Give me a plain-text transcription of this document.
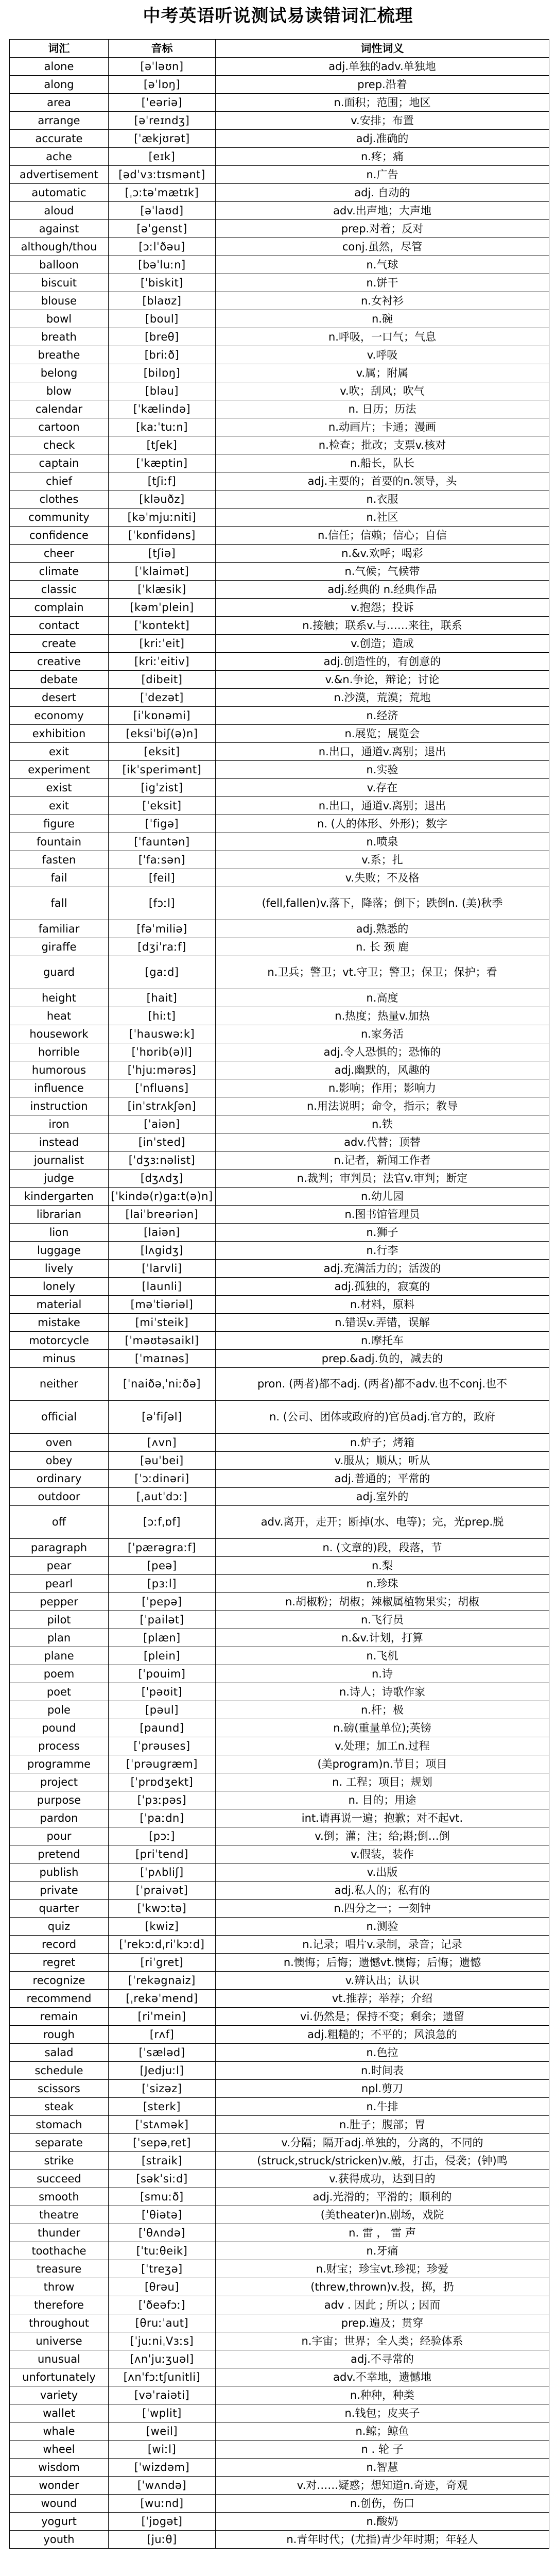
中考英语听说测试易读错词汇梳理
词汇	音标	词性词义
alone	[əˈləʊn]	adj.单独的adv.单独地
along	[əˈlɒŋ]	prep.沿着
area	[ˈeəriə]	n.面积；范围；地区
arrange	[əˈreɪndʒ]	v.安排；布置
accurate	[ˈækjʊrət]	adj.准确的
ache	[eɪk]	n.疼；痛
advertisement	[ədˈvɜːtɪsmənt]	n.广告
automatic	[ˌɔːtəˈmætɪk]	adj. 自动的
aloud	[əˈlaʊd]	adv.出声地；大声地
against	[əˈgenst]	prep.对着；反对
although/thou	[ɔːlˈðəu]	conj.虽然，尽管
balloon	[bəˈluːn]	n.气球
biscuit	[ˈbiskit]	n.饼干
blouse	[blaʊz]	n.女衬衫
bowl	[boul]	n.碗
breath	[breθ]	n.呼吸，一口气；气息
breathe	[briːð]	v.呼吸
belong	[bilɒŋ]	v.属；附属
blow	[bləu]	v.吹；刮风；吹气
calendar	[ˈkælində]	n. 日历；历法
cartoon	[kaːˈtuːn]	n.动画片；卡通；漫画
check	[tʃek]	n.检查；批改；支票v.核对
captain	[ˈkæptin]	n.船长，队长
chief	[tʃiːf]	adj.主要的；首要的n.领导，头
clothes	[kləuðz]	n.衣服
community	[kəˈmjuːniti]	n.社区
confidence	[ˈkɒnfidəns]	n.信任；信赖；信心；自信
cheer	[tʃiə]	n.&v.欢呼；喝彩
climate	[ˈklaimət]	n.气候；气候带
classic	[ˈklæsik]	adj.经典的 n.经典作品
complain	[kəmˈplein]	v.抱怨；投诉
contact	[ˈkɒntekt]	n.接触；联系v.与……来往，联系
create	[kriːˈeit]	v.创造；造成
creative	[kriːˈeitiv]	adj.创造性的，有创意的
debate	[dibeit]	v.&n.争论，辩论；讨论
desert	[ˈdezət]	n.沙漠，荒漠；荒地
economy	[iˈkɒnəmi]	n.经济
exhibition	[eksiˈbiʃ(ə)n]	n.展览；展览会
exit	[eksit]	n.出口，通道v.离别；退出
experiment	[ikˈsperimənt]	n.实验
exist	[igˈzist]	v.存在
exit	[ˈeksit]	n.出口，通道v.离别；退出
figure	[ˈfigə]	n. (人的体形、外形)；数字
fountain	[ˈfauntən]	n.喷泉
fasten	[ˈfaːsən]	v.系；扎
fail	[feil]	v.失败；不及格
fall	[fɔːl]	(fell,fallen)v.落下，降落；倒下；跌倒n. (美)秋季
familiar	[fəˈmiliə]	adj.熟悉的
giraffe	[dʒiˈraːf]	n. 长 颈 鹿
guard	[gaːd]	n.卫兵；警卫；vt.守卫；警卫；保卫；保护；看
height	[hait]	n.高度
heat	[hiːt]	n.热度；热量v.加热
housework	[ˈhauswəːk]	n.家务活
horrible	[ˈhɒrib(ə)l]	adj.令人恐惧的；恐怖的
humorous	[ˈhjuːmərəs]	adj.幽默的，风趣的
influence	[ˈnfluəns]	n.影响；作用；影响力
instruction	[inˈstrʌkʃən]	n.用法说明；命令，指示；教导
iron	[ˈaiən]	n.铁
instead	[inˈsted]	adv.代替；顶替
journalist	[ˈdʒɜːnəlist]	n.记者，新闻工作者
judge	[dʒʌdʒ]	n.裁判；审判员；法官v.审判；断定
kindergarten	[ˈkində(r)gaːt(ə)n]	n.幼儿园
librarian	[laiˈbreəriən]	n.图书馆管理员
lion	[laiən]	n.狮子
luggage	[lʌgidʒ]	n.行李
lively	[ˈlarvli]	adj.充满活力的；活泼的
lonely	[launli]	adj.孤独的，寂寞的
material	[məˈtiəriəl]	n.材料，原料
mistake	[miˈsteik]	n.错误v.弄错，误解
motorcycle	[ˈməʊtəsaikl]	n.摩托车
minus	[ˈmaɪnəs]	prep.&adj.负的，减去的
neither	[ˈnaiðəˌˈniːðə]	pron. (两者)都不adj. (两者)都不adv.也不conj.也不
official	[əˈfiʃəl]	n. (公司、团体或政府的)官员adj.官方的，政府
oven	[ʌvn]	n.炉子；烤箱
obey	[əuˈbei]	v.服从；顺从；听从
ordinary	[ˈɔːdinəri]	adj.普通的；平常的
outdoor	[ˌautˈdɔː]	adj.室外的
off	[ɔːfˌɒf]	adv.离开，走开；断掉(水、电等)；完，光prep.脱
paragraph	[ˈpærəgraːf]	n. (文章的)段，段落，节
pear	[peə]	n.梨
pearl	[pɜːl]	n.珍珠
pepper	[ˈpepə]	n.胡椒粉；胡椒；辣椒属植物果实；胡椒
pilot	[ˈpailət]	n.飞行员
plan	[plæn]	n.&v.计划，打算
plane	[plein]	n.飞机
poem	[ˈpouim]	n.诗
poet	[ˈpəʊit]	n.诗人；诗歌作家
pole	[pəul]	n.杆；极
pound	[paund]	n.磅(重量单位);英镑
process	[ˈprəuses]	v.处理；加工n.过程
programme	[ˈprəugræm]	(美program)n.节目；项目
project	[ˈprɒdʒekt]	n. 工程；项目；规划
purpose	[ˈpɜːpəs]	n. 目的；用途
pardon	[ˈpaːdn]	int.请再说一遍；抱歉；对不起vt.
pour	[pɔː]	v.倒；灌；注；给;斟;倒…倒
pretend	[priˈtend]	v.假装，装作
publish	[ˈpʌbliʃ]	v.出版
private	[ˈpraivət]	adj.私人的；私有的
quarter	[ˈkwɔːtə]	n.四分之一；一刻钟
quiz	[kwiz]	n.测验
record	[ˈrekɔːdˌriˈkɔːd]	n.记录；唱片v.录制，录音；记录
regret	[riˈgret]	n.懊悔；后悔；遗憾vt.懊悔；后悔；遗憾
recognize	[ˈrekəgnaiz]	v.辨认出；认识
recommend	[ˌrekəˈmend]	vt.推荐；举荐；介绍
remain	[riˈmein]	vi.仍然是；保持不变；剩余；遗留
rough	[rʌf]	adj.粗糙的；不平的；风浪急的
salad	[ˈsæləd]	n.色拉
schedule	[Jedjuːl]	n.时间表
scissors	[ˈsizəz]	npl.剪刀
steak	[sterk]	n.牛排
stomach	[ˈstʌmək]	n.肚子；腹部；胃
separate	[ˈsepəˌret]	v.分隔；隔开adj.单独的，分离的，不同的
strike	[straik]	(struck,struck/stricken)v.敲，打击，侵袭；(钟)鸣
succeed	[səkˈsiːd]	v.获得成功，达到目的
smooth	[smuːð]	adj.光滑的；平滑的；顺利的
theatre	[ˈθiətə]	(美theater)n.剧场，戏院
thunder	[ˈθʌndə]	n. 雷 ， 雷 声
toothache	[ˈtuːθeik]	n.牙痛
treasure	[ˈtreʒə]	n.财宝；珍宝vt.珍视；珍爱
throw	[θrəu]	(threw,thrown)v.投，掷，扔
therefore	[ˈðeəfɔː]	adv . 因此 ; 所以 ; 因而
throughout	[θruːˈaut]	prep.遍及；贯穿
universe	[ˈjuːniˌVɜːs]	n.宇宙；世界；全人类；经验体系
unusual	[ʌnˈjuːʒuəl]	adj.不寻常的
unfortunately	[ʌnˈfɔːtʃunitli]	adv.不幸地，遗憾地
variety	[vəˈraiəti]	n.种种，种类
wallet	[ˈwplit]	n.钱包；皮夹子
whale	[weil]	n.鲸；鲸鱼
wheel	[wiːl]	n . 轮 子
wisdom	[ˈwizdəm]	n.智慧
wonder	[ˈwʌndə]	v.对……疑惑；想知道n.奇迹，奇观
wound	[wuːnd]	n.创伤，伤口
yogurt	[ˈjɒgət]	n.酸奶
youth	[juːθ]	n.青年时代；(尤指)青少年时期；年轻人
